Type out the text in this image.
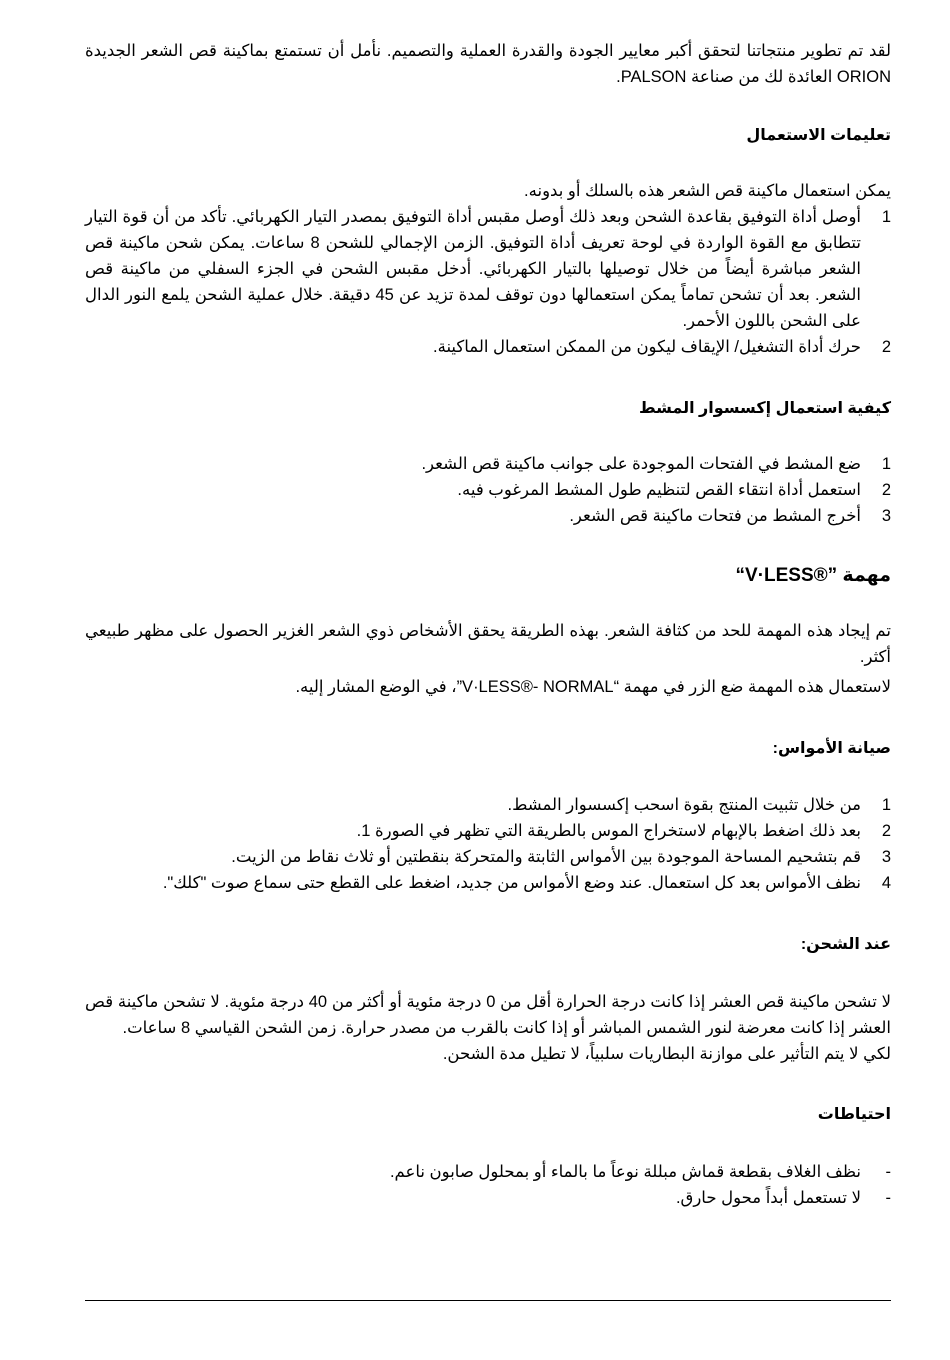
لقد تم تطوير منتجاتنا لتحقق أكبر معايير الجودة والقدرة العملية والتصميم. نأمل أن تستمتع بماكينة قص الشعر الجديدة ORION العائدة لك من صناعة PALSON.

تعليمات الاستعمال

يمكن استعمال ماكينة قص الشعر هذه بالسلك أو بدونه.

1
أوصل أداة التوفيق بقاعدة الشحن وبعد ذلك أوصل مقبس أداة التوفيق بمصدر التيار الكهربائي. تأكد من أن قوة التيار تتطابق مع القوة الواردة في لوحة تعريف أداة التوفيق. الزمن الإجمالي للشحن 8 ساعات. يمكن شحن ماكينة قص الشعر مباشرة أيضاً من خلال توصيلها بالتيار الكهربائي. أدخل مقبس الشحن في الجزء السفلي من ماكينة قص الشعر. بعد أن تشحن تماماً يمكن استعمالها دون توقف لمدة تزيد عن 45 دقيقة. خلال عملية الشحن يلمع النور الدال على الشحن باللون الأحمر.
2
حرك أداة التشغيل/ الإيقاف ليكون من الممكن استعمال الماكينة.
كيفية استعمال إكسسوار المشط
1
ضع المشط في الفتحات الموجودة على جوانب ماكينة قص الشعر.
2
استعمل أداة انتقاء القص لتنظيم طول المشط المرغوب فيه.
3
أخرج المشط من فتحات ماكينة قص الشعر.
مهمة “V·LESS®”

تم إيجاد هذه المهمة للحد من كثافة الشعر. بهذه الطريقة يحقق الأشخاص ذوي الشعر الغزير الحصول على مظهر طبيعي أكثر.

لاستعمال هذه المهمة ضع الزر في مهمة ”V·LESS®- NORMAL“، في الوضع المشار إليه.

صيانة الأمواس:
1
من خلال تثبيت المنتج بقوة اسحب إكسسوار المشط.
2
بعد ذلك اضغط بالإبهام لاستخراج الموس بالطريقة التي تظهر في الصورة 1.
3
قم بتشحيم المساحة الموجودة بين الأمواس الثابتة والمتحركة بنقطتين أو ثلاث نقاط من الزيت.
4
نظف الأمواس بعد كل استعمال. عند وضع الأمواس من جديد، اضغط على القطع حتى سماع صوت "كلك".
عند الشحن:

لا تشحن ماكينة قص العشر إذا كانت درجة الحرارة أقل من 0 درجة مئوية أو أكثر من 40 درجة مئوية. لا تشحن ماكينة قص العشر إذا كانت معرضة لنور الشمس المباشر أو إذا كانت بالقرب من مصدر حرارة. زمن الشحن القياسي 8 ساعات.

لكي لا يتم التأثير على موازنة البطاريات سلبياً، لا تطيل مدة الشحن.

احتياطات
-
نظف الغلاف بقطعة قماش مبللة نوعاً ما بالماء أو بمحلول صابون ناعم.
-
لا تستعمل أبداً محول حارق.
